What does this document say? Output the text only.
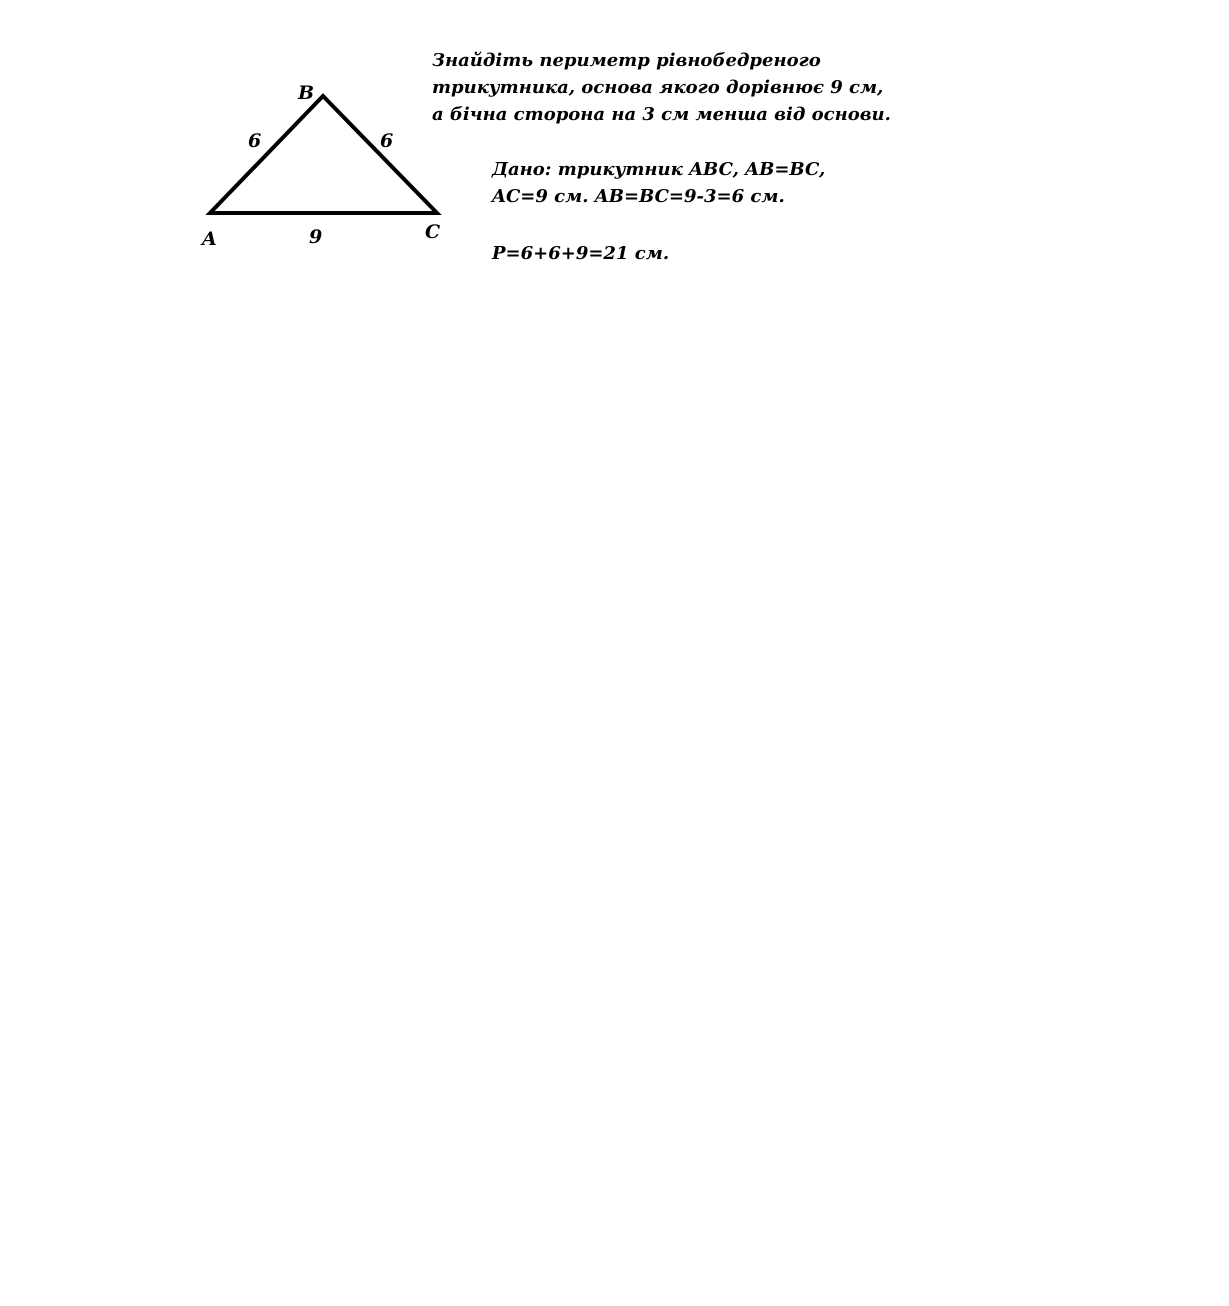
B
A	C
6	6
9
Знайдіть периметр рівнобедреного
трикутника, основа якого дорівнює 9 см,
а бічна сторона на 3 см менша від основи.
Дано: трикутник ABC, AB=BC,
AC=9 см. AB=BC=9-3=6 см.
P=6+6+9=21 см.
